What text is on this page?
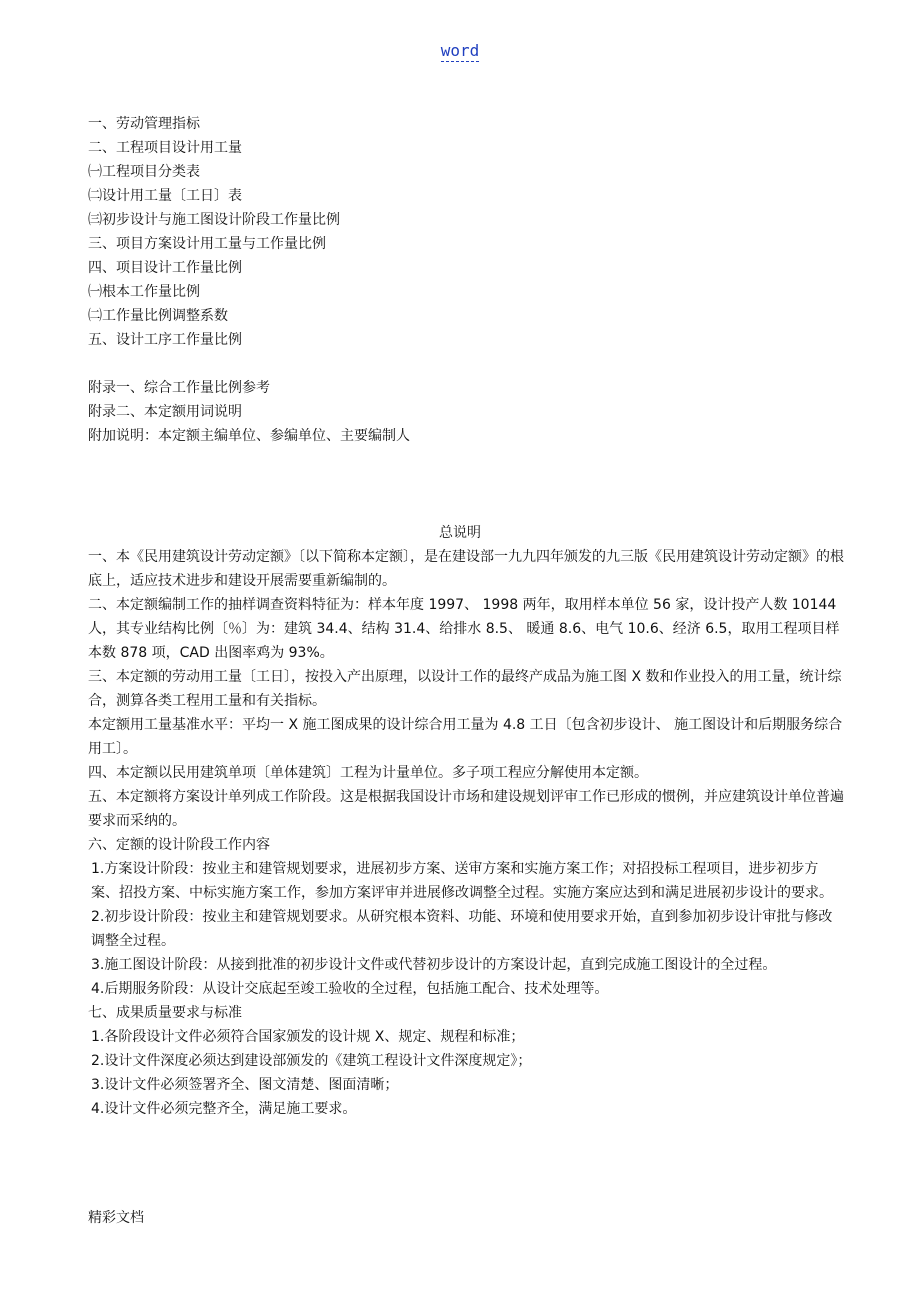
word
一、劳动管理指标
二、工程项目设计用工量
㈠工程项目分类表
㈡设计用工量〔工日〕表
㈢初步设计与施工图设计阶段工作量比例
三、项目方案设计用工量与工作量比例
四、项目设计工作量比例
㈠根本工作量比例
㈡工作量比例调整系数
五、设计工序工作量比例
附录一、综合工作量比例参考
附录二、本定额用词说明
附加说明：本定额主编单位、参编单位、主要编制人
总说明

一、本《民用建筑设计劳动定额》〔以下简称本定额〕，是在建设部一九九四年颁发的九三版《民用建筑设计劳动定额》的根底上，适应技术进步和建设开展需要重新编制的。

二、本定额编制工作的抽样调查资料特征为：样本年度 1997、 1998 两年，取用样本单位 56 家，设计投产人数 10144 人，其专业结构比例〔％〕为：建筑 34.4、结构 31.4、给排水 8.5、 暖通 8.6、电气 10.6、经济 6.5，取用工程项目样本数 878 项，CAD 出图率鸡为 93%。

三、本定额的劳动用工量〔工日〕，按投入产出原理，以设计工作的最终产成品为施工图 X 数和作业投入的用工量，统计综合，测算各类工程用工量和有关指标。

本定额用工量基准水平：平均一 X 施工图成果的设计综合用工量为 4.8 工日〔包含初步设计、 施工图设计和后期服务综合用工〕。

四、本定额以民用建筑单项〔单体建筑〕工程为计量单位。多子项工程应分解使用本定额。

五、本定额将方案设计单列成工作阶段。这是根据我国设计市场和建设规划评审工作已形成的惯例，并应建筑设计单位普遍要求而采纳的。

六、定额的设计阶段工作内容

1.方案设计阶段：按业主和建管规划要求，进展初步方案、送审方案和实施方案工作；对招投标工程项目，进步初步方案、招投方案、中标实施方案工作，参加方案评审并进展修改调整全过程。实施方案应达到和满足进展初步设计的要求。

2.初步设计阶段：按业主和建管规划要求。从研究根本资料、功能、环境和使用要求开始，直到参加初步设计审批与修改调整全过程。

3.施工图设计阶段：从接到批准的初步设计文件或代替初步设计的方案设计起，直到完成施工图设计的全过程。

4.后期服务阶段：从设计交底起至竣工验收的全过程，包括施工配合、技术处理等。

七、成果质量要求与标准

1.各阶段设计文件必须符合国家颁发的设计规 X、规定、规程和标准；

2.设计文件深度必须达到建设部颁发的《建筑工程设计文件深度规定》；

3.设计文件必须签署齐全、图文清楚、图面清晰；

4.设计文件必须完整齐全，满足施工要求。

精彩文档
